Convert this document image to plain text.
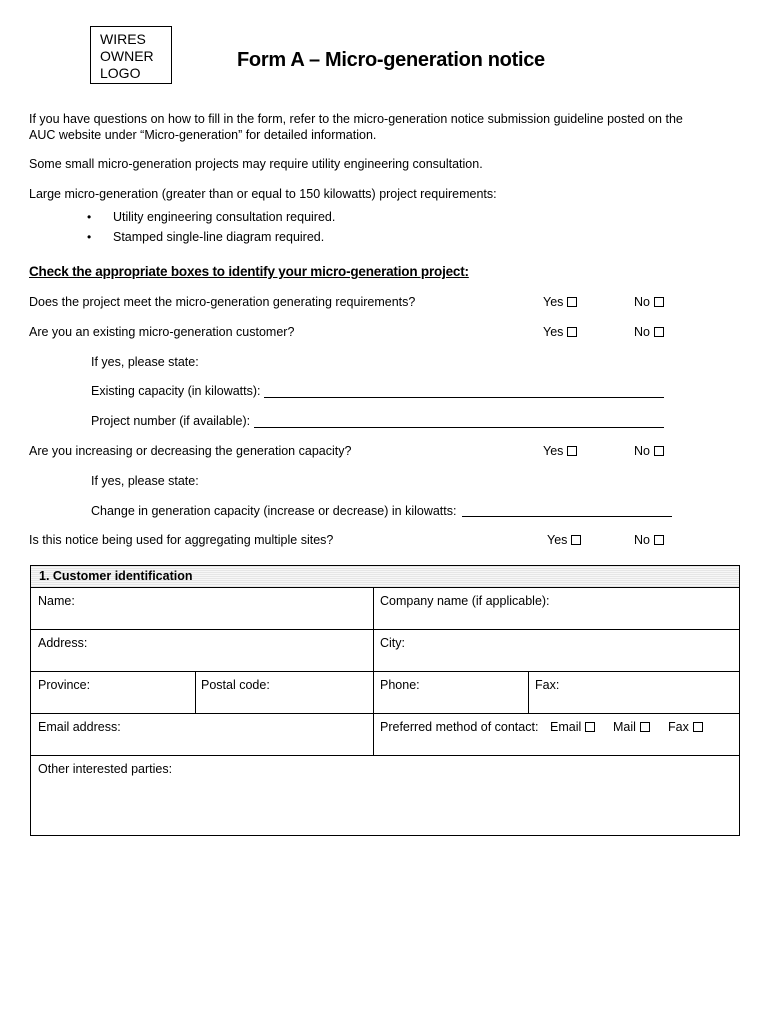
WIRES
OWNER
LOGO
Form A – Micro-generation notice
If you have questions on how to fill in the form, refer to the micro-generation notice submission guideline posted on the
AUC website under “Micro-generation” for detailed information.
Some small micro-generation projects may require utility engineering consultation.
Large micro-generation (greater than or equal to 150 kilowatts) project requirements:
• Utility engineering consultation required.
• Stamped single-line diagram required.
Check the appropriate boxes to identify your micro-generation project:
Does the project meet the micro-generation generating requirements?	Yes	No
Are you an existing micro-generation customer?	Yes	No
If yes, please state:
Existing capacity (in kilowatts):
Project number (if available):
Are you increasing or decreasing the generation capacity?	Yes	No
If yes, please state:
Change in generation capacity (increase or decrease) in kilowatts:
Is this notice being used for aggregating multiple sites?	Yes	No
1. Customer identification
Name:	Company name (if applicable):
Address:	City:
Province:	Postal code:	Phone:	Fax:
Email address:	Preferred method of contact: Email	Mail	Fax
Other interested parties:
